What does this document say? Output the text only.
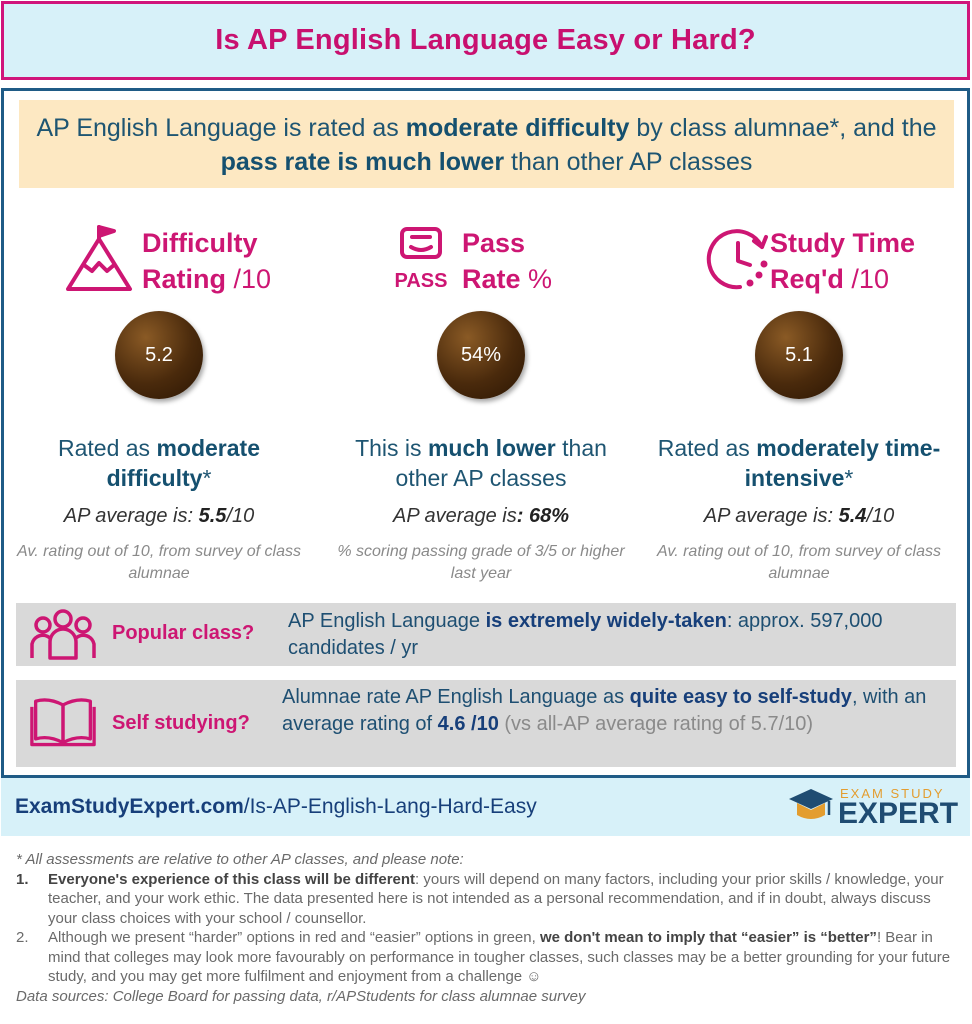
Is AP English Language Easy or Hard?
AP English Language is rated as moderate difficulty by class alumnae*, and the pass rate is much lower than other AP classes
Difficulty
Rating /10
5.2
Rated as moderate difficulty*
AP average is: 5.5/10
Av. rating out of 10, from survey of class alumnae
PASS
Pass
Rate %
54%
This is much lower than other AP classes
AP average is: 68%
% scoring passing grade of 3/5 or higher last year
Study Time
Req'd /10
5.1
Rated as moderately time-intensive*
AP average is: 5.4/10
Av. rating out of 10, from survey of class alumnae
Popular class?
AP English Language is extremely widely-taken: approx. 597,000 candidates / yr
Self studying?
Alumnae rate AP English Language as quite easy to self-study, with an average rating of 4.6 /10 (vs all-AP average rating of 5.7/10)
ExamStudyExpert.com/Is-AP-English-Lang-Hard-Easy
EXAM STUDY
EXPERT
* All assessments are relative to other AP classes, and please note:
1. Everyone's experience of this class will be different: yours will depend on many factors, including your prior skills / knowledge, your teacher, and your work ethic. The data presented here is not intended as a personal recommendation, and if in doubt, always discuss your class choices with your school / counsellor.
2. Although we present “harder” options in red and “easier” options in green, we don't mean to imply that “easier” is “better”! Bear in mind that colleges may look more favourably on performance in tougher classes, such classes may be a better grounding for your future study, and you may get more fulfilment and enjoyment from a challenge ☺
Data sources: College Board for passing data, r/APStudents for class alumnae survey
